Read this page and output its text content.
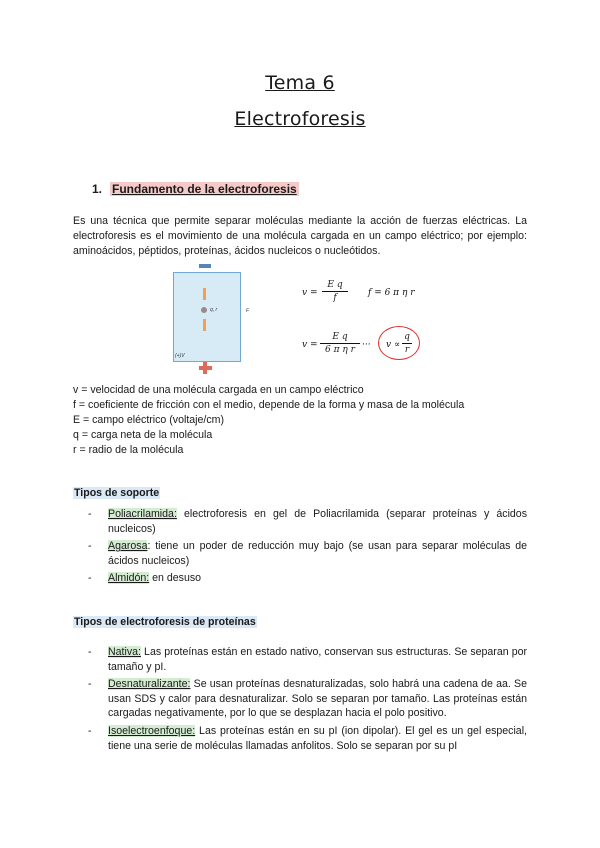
Tema 6
Electroforesis
1. Fundamento de la electroforesis
Es una técnica que permite separar moléculas mediante la acción de fuerzas eléctricas. La electroforesis es el movimiento de una molécula cargada en un campo eléctrico; por ejemplo: aminoácidos, péptidos, proteínas, ácidos nucleicos o nucleótidos.
q, r	F
(+)V
v =
E q
f	f = 6 π η r
v =
E q
6 π η r ··· v ∝
q
r
v = velocidad de una molécula cargada en un campo eléctrico
f = coeficiente de fricción con el medio, depende de la forma y masa de la molécula
E = campo eléctrico (voltaje/cm)
q = carga neta de la molécula
r = radio de la molécula
Tipos de soporte
- Poliacrilamida: electroforesis en gel de Poliacrilamida (separar proteínas y ácidos nucleicos)
- Agarosa: tiene un poder de reducción muy bajo (se usan para separar moléculas de ácidos nucleicos)
- Almidón: en desuso
Tipos de electroforesis de proteínas
- Nativa: Las proteínas están en estado nativo, conservan sus estructuras. Se separan por tamaño y pI.
- Desnaturalizante: Se usan proteínas desnaturalizadas, solo habrá una cadena de aa. Se usan SDS y calor para desnaturalizar. Solo se separan por tamaño. Las proteínas están cargadas negativamente, por lo que se desplazan hacia el polo positivo.
- Isoelectroenfoque: Las proteínas están en su pI (ion dipolar). El gel es un gel especial, tiene una serie de moléculas llamadas anfolitos. Solo se separan por su pI
